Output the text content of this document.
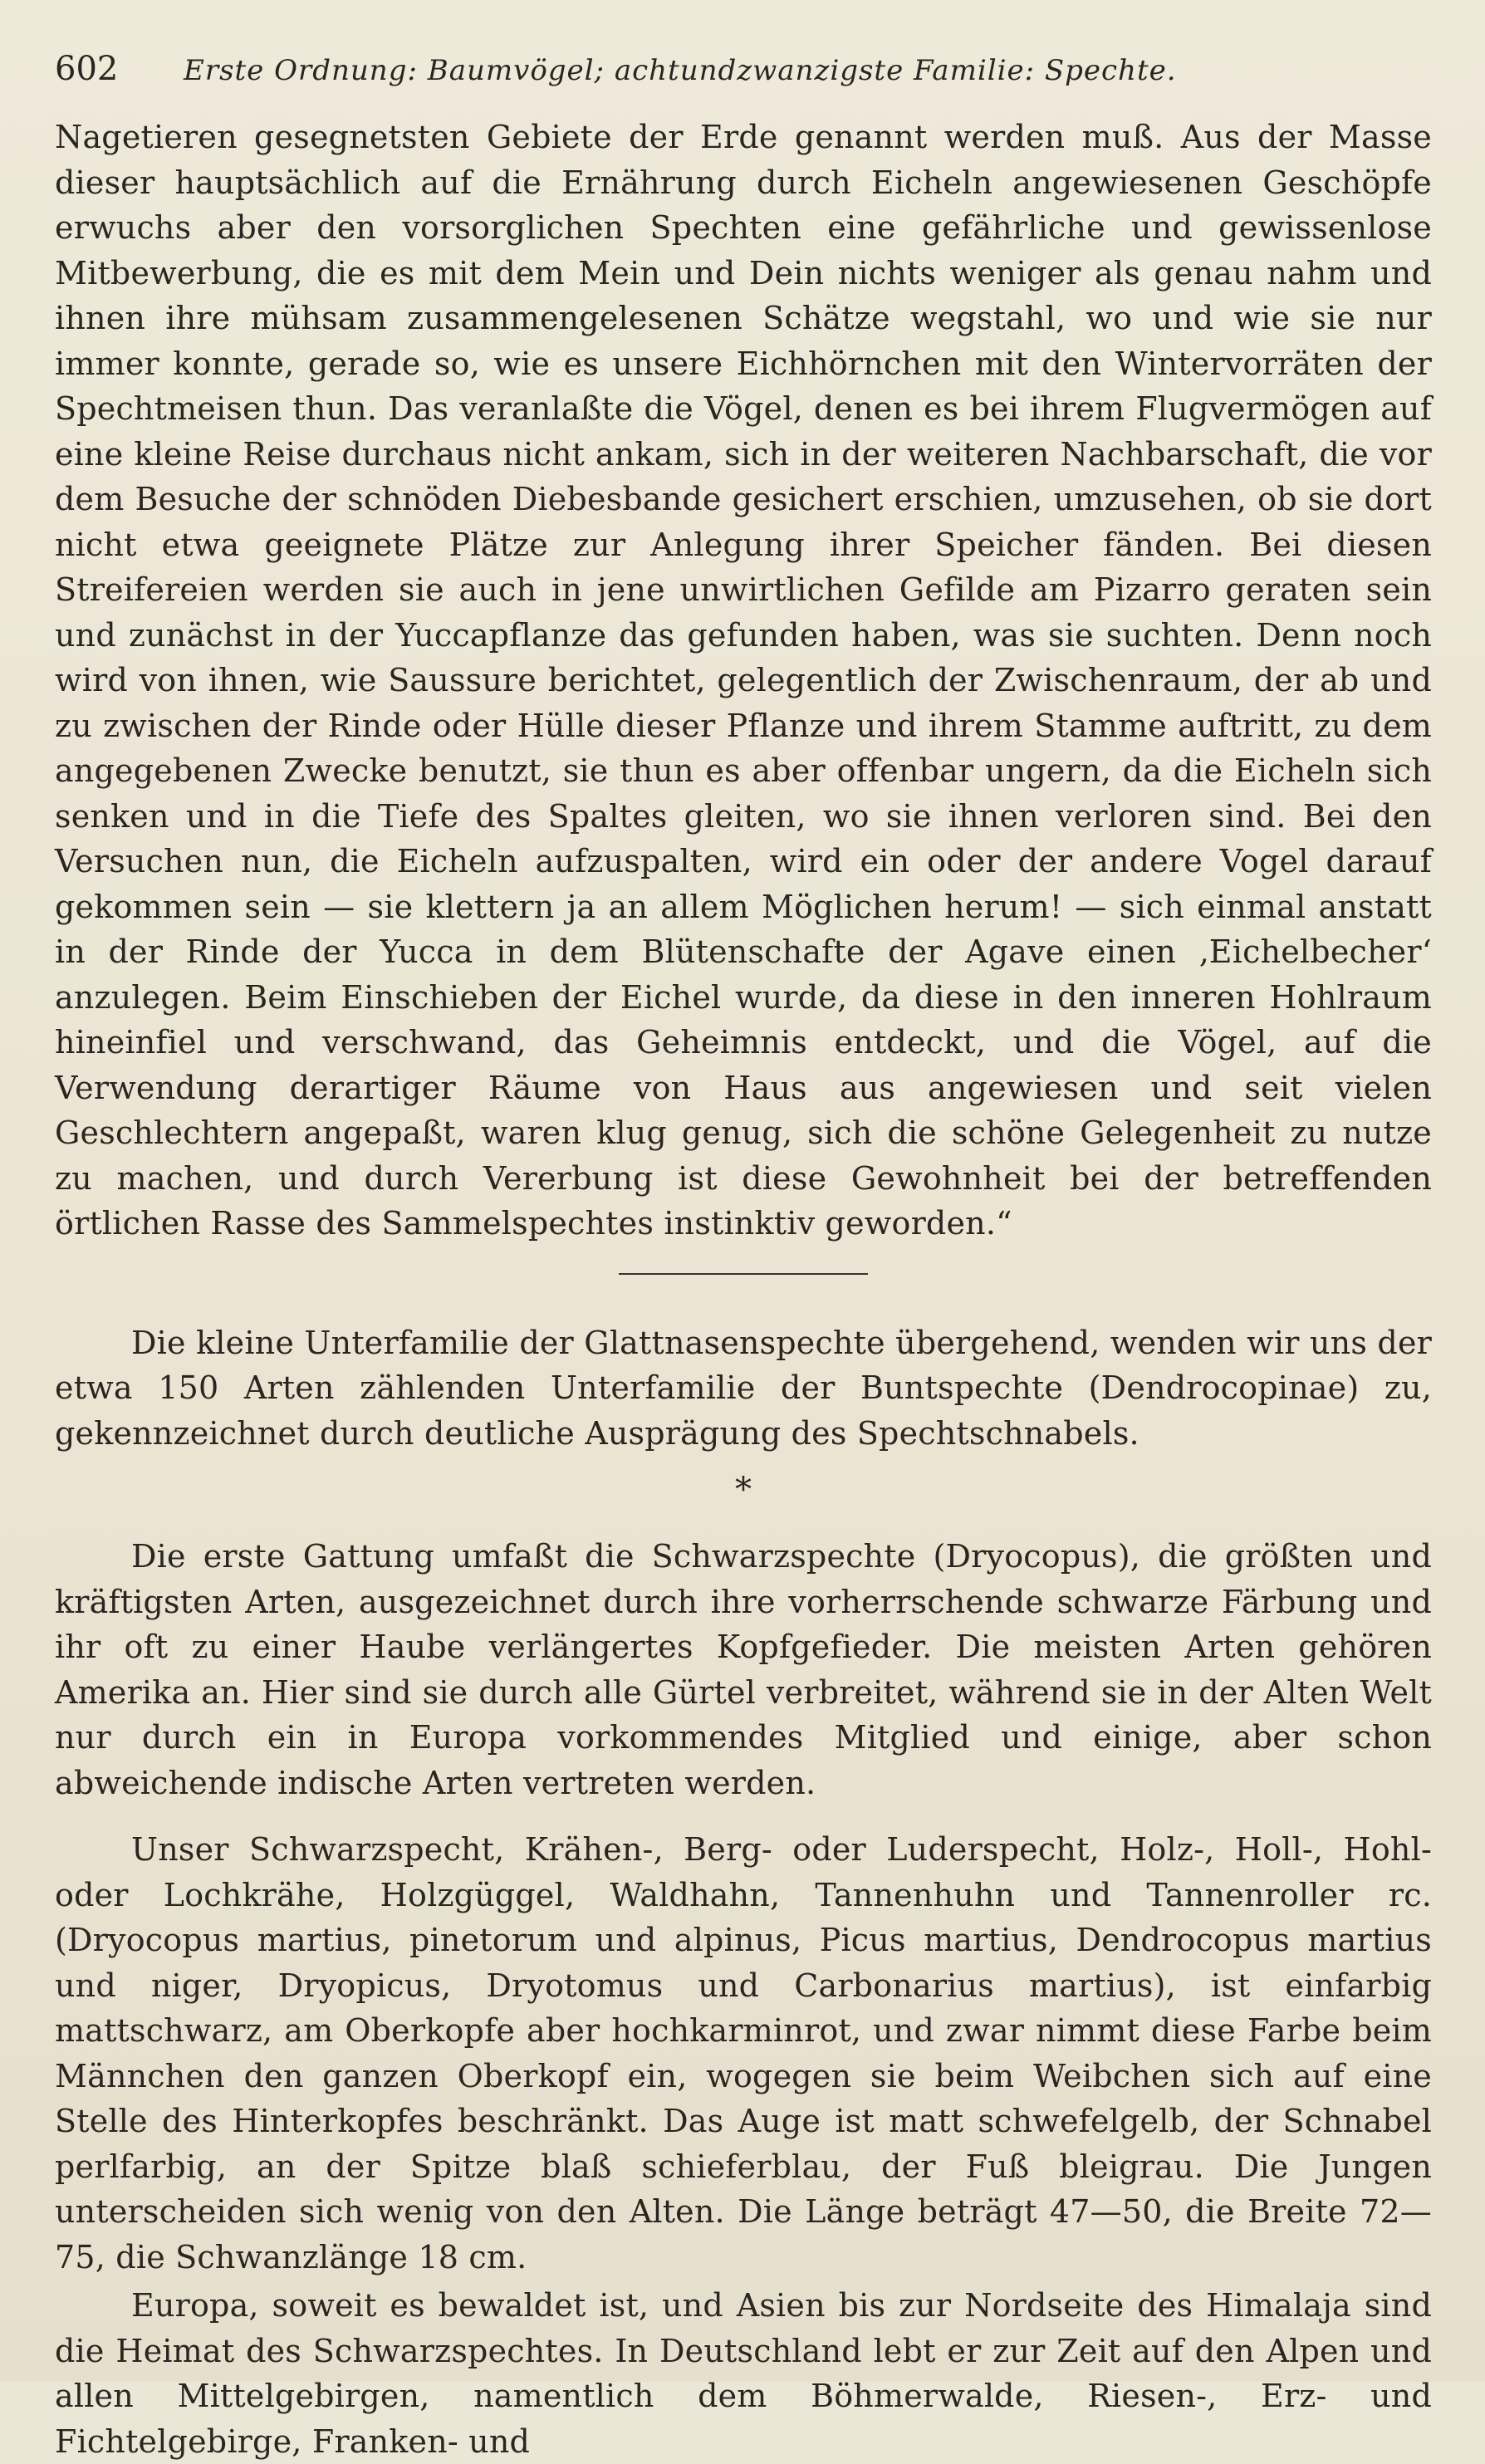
602	Erste Ordnung: Baumvögel; achtundzwanzigste Familie: Spechte.

Nagetieren gesegnetsten Gebiete der Erde genannt werden muß. Aus der Masse dieser hauptsächlich auf die Ernährung durch Eicheln angewiesenen Geschöpfe erwuchs aber den vorsorglichen Spechten eine gefährliche und gewissenlose Mitbewerbung, die es mit dem Mein und Dein nichts weniger als genau nahm und ihnen ihre mühsam zusammengelesenen Schätze wegstahl, wo und wie sie nur immer konnte, gerade so, wie es unsere Eichhörnchen mit den Wintervorräten der Spechtmeisen thun. Das veranlaßte die Vögel, denen es bei ihrem Flugvermögen auf eine kleine Reise durchaus nicht ankam, sich in der weiteren Nachbarschaft, die vor dem Besuche der schnöden Diebesbande gesichert erschien, umzusehen, ob sie dort nicht etwa geeignete Plätze zur Anlegung ihrer Speicher fänden. Bei diesen Streifereien werden sie auch in jene unwirtlichen Gefilde am Pizarro geraten sein und zunächst in der Yuccapflanze das gefunden haben, was sie suchten. Denn noch wird von ihnen, wie Saussure berichtet, gelegentlich der Zwischenraum, der ab und zu zwischen der Rinde oder Hülle dieser Pflanze und ihrem Stamme auftritt, zu dem angegebenen Zwecke benutzt, sie thun es aber offenbar ungern, da die Eicheln sich senken und in die Tiefe des Spaltes gleiten, wo sie ihnen verloren sind. Bei den Versuchen nun, die Eicheln aufzuspalten, wird ein oder der andere Vogel darauf gekommen sein — sie klettern ja an allem Möglichen herum! — sich einmal anstatt in der Rinde der Yucca in dem Blütenschafte der Agave einen ‚Eichelbecher‘ anzulegen. Beim Einschieben der Eichel wurde, da diese in den inneren Hohlraum hineinfiel und verschwand, das Geheimnis entdeckt, und die Vögel, auf die Verwendung derartiger Räume von Haus aus angewiesen und seit vielen Geschlechtern angepaßt, waren klug genug, sich die schöne Gelegenheit zu nutze zu machen, und durch Vererbung ist diese Gewohnheit bei der betreffenden örtlichen Rasse des Sammelspechtes instinktiv geworden.“

Die kleine Unterfamilie der Glattnasenspechte übergehend, wenden wir uns der etwa 150 Arten zählenden Unterfamilie der Buntspechte (Dendrocopinae) zu, gekennzeichnet durch deutliche Ausprägung des Spechtschnabels.

*

Die erste Gattung umfaßt die Schwarzspechte (Dryocopus), die größten und kräftigsten Arten, ausgezeichnet durch ihre vorherrschende schwarze Färbung und ihr oft zu einer Haube verlängertes Kopfgefieder. Die meisten Arten gehören Amerika an. Hier sind sie durch alle Gürtel verbreitet, während sie in der Alten Welt nur durch ein in Europa vorkommendes Mitglied und einige, aber schon abweichende indische Arten vertreten werden.

Unser Schwarzspecht, Krähen-, Berg- oder Luderspecht, Holz-, Holl-, Hohl- oder Lochkrähe, Holzgüggel, Waldhahn, Tannenhuhn und Tannenroller rc. (Dryocopus martius, pinetorum und alpinus, Picus martius, Dendrocopus martius und niger, Dryopicus, Dryotomus und Carbonarius martius), ist einfarbig mattschwarz, am Oberkopfe aber hochkarminrot, und zwar nimmt diese Farbe beim Männchen den ganzen Oberkopf ein, wogegen sie beim Weibchen sich auf eine Stelle des Hinterkopfes beschränkt. Das Auge ist matt schwefelgelb, der Schnabel perlfarbig, an der Spitze blaß schieferblau, der Fuß bleigrau. Die Jungen unterscheiden sich wenig von den Alten. Die Länge beträgt 47—50, die Breite 72—75, die Schwanzlänge 18 cm.

Europa, soweit es bewaldet ist, und Asien bis zur Nordseite des Himalaja sind die Heimat des Schwarzspechtes. In Deutschland lebt er zur Zeit auf den Alpen und allen Mittelgebirgen, namentlich dem Böhmerwalde, Riesen-, Erz- und Fichtelgebirge, Franken- und
